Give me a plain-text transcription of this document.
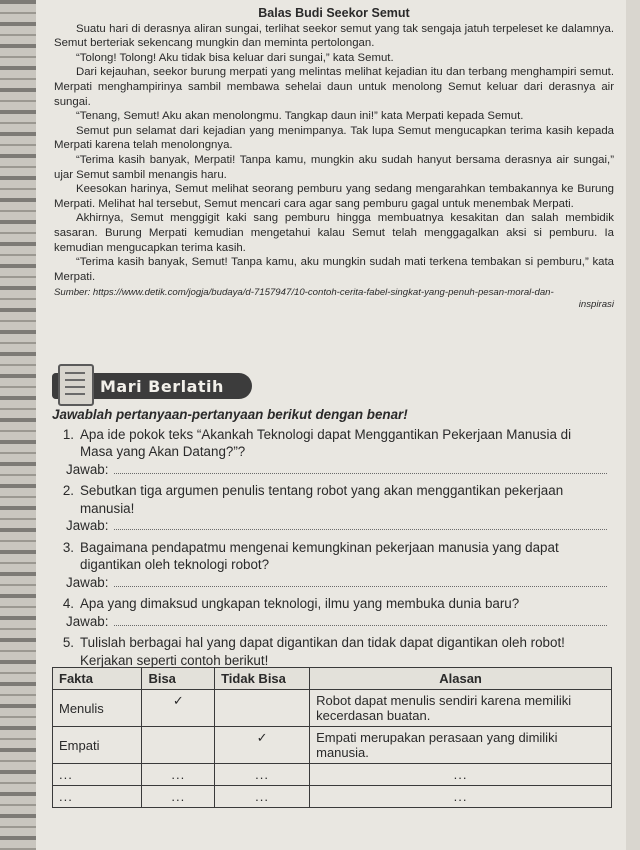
Balas Budi Seekor Semut

Suatu hari di derasnya aliran sungai, terlihat seekor semut yang tak sengaja jatuh terpeleset ke dalamnya. Semut berteriak sekencang mungkin dan meminta pertolongan.

“Tolong! Tolong! Aku tidak bisa keluar dari sungai,” kata Semut.

Dari kejauhan, seekor burung merpati yang melintas melihat kejadian itu dan terbang menghampiri semut. Merpati menghampirinya sambil membawa sehelai daun untuk menolong Semut keluar dari derasnya air sungai.

“Tenang, Semut! Aku akan menolongmu. Tangkap daun ini!” kata Merpati kepada Semut.

Semut pun selamat dari kejadian yang menimpanya. Tak lupa Semut mengucapkan terima kasih kepada Merpati karena telah menolongnya.

“Terima kasih banyak, Merpati! Tanpa kamu, mungkin aku sudah hanyut bersama derasnya air sungai,” ujar Semut sambil menangis haru.

Keesokan harinya, Semut melihat seorang pemburu yang sedang mengarahkan tembakannya ke Burung Merpati. Melihat hal tersebut, Semut mencari cara agar sang pemburu gagal untuk menembak Merpati.

Akhirnya, Semut menggigit kaki sang pemburu hingga membuatnya kesakitan dan salah membidik sasaran. Burung Merpati kemudian mengetahui kalau Semut telah menggagalkan aksi si pemburu. Ia kemudian mengucapkan terima kasih.

“Terima kasih banyak, Semut! Tanpa kamu, aku mungkin sudah mati terkena tembakan si pemburu,” kata Merpati.

Sumber: https://www.detik.com/jogja/budaya/d-7157947/10-contoh-cerita-fabel-singkat-yang-penuh-pesan-moral-dan-
inspirasi
Mari Berlatih
Jawablah pertanyaan-pertanyaan berikut dengan benar!
1. Apa ide pokok teks “Akankah Teknologi dapat Menggantikan Pekerjaan Manusia di Masa yang Akan Datang?”?
Jawab:
2. Sebutkan tiga argumen penulis tentang robot yang akan menggantikan pekerjaan manusia!
Jawab:
3. Bagaimana pendapatmu mengenai kemungkinan pekerjaan manusia yang dapat digantikan oleh teknologi robot?
Jawab:
4. Apa yang dimaksud ungkapan teknologi, ilmu yang membuka dunia baru?
Jawab:
5. Tulislah berbagai hal yang dapat digantikan dan tidak dapat digantikan oleh robot! Kerjakan seperti contoh berikut!
Fakta	Bisa	Tidak Bisa	Alasan
Menulis	✓		Robot dapat menulis sendiri karena memiliki kecerdasan buatan.
Empati		✓	Empati merupakan perasaan yang dimiliki manusia.
...	...	...	...
...	...	...	...
